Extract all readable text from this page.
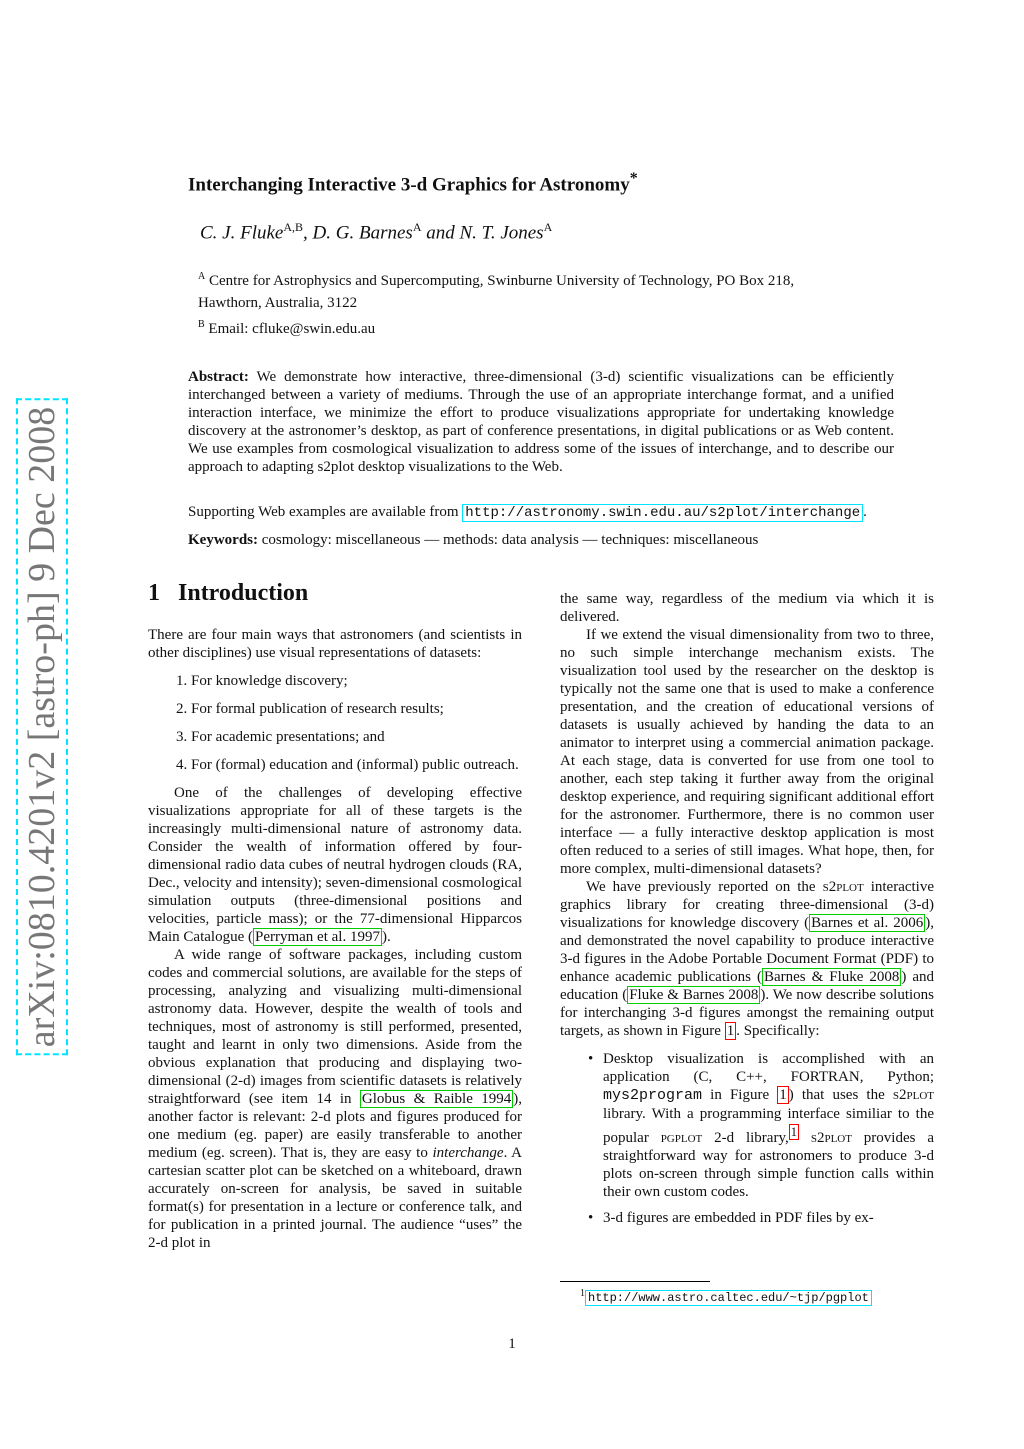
arXiv:0810.4201v2 [astro-ph] 9 Dec 2008
Interchanging Interactive 3-d Graphics for Astronomy*
C. J. Fluke$^{A,B}$, D. G. Barnes$^A$ and N. T. Jones$^A$
$^A$ Centre for Astrophysics and Supercomputing, Swinburne University of Technology, PO Box 218,
Hawthorn, Australia, 3122
$^B$ Email: cfluke@swin.edu.au
Abstract: We demonstrate how interactive, three-dimensional (3-d) scientific visualizations can be efficiently interchanged between a variety of mediums. Through the use of an appropriate interchange format, and a unified interaction interface, we minimize the effort to produce visualizations appropriate for undertaking knowledge discovery at the astronomer’s desktop, as part of conference presentations, in digital publications or as Web content. We use examples from cosmological visualization to address some of the issues of interchange, and to describe our approach to adapting s2plot desktop visualizations to the Web.
Supporting Web examples are available from http://astronomy.swin.edu.au/s2plot/interchange .
Keywords: cosmology: miscellaneous — methods: data analysis — techniques: miscellaneous
1 Introduction

There are four main ways that astronomers (and scientists in other disciplines) use visual representations of datasets:

1. For knowledge discovery;
2. For formal publication of research results;
3. For academic presentations; and
4. For (formal) education and (informal) public outreach.

One of the challenges of developing effective visualizations appropriate for all of these targets is the increasingly multi-dimensional nature of astronomy data. Consider the wealth of information offered by four-dimensional radio data cubes of neutral hydrogen clouds (RA, Dec., velocity and intensity); seven-dimensional cosmological simulation outputs (three-dimensional positions and velocities, particle mass); or the 77-dimensional Hipparcos Main Catalogue ( Perryman et al. 1997 ).

A wide range of software packages, including custom codes and commercial solutions, are available for the steps of processing, analyzing and visualizing multi-dimensional astronomy data. However, despite the wealth of tools and techniques, most of astronomy is still performed, presented, taught and learnt in only two dimensions. Aside from the obvious explanation that producing and displaying two-dimensional (2-d) images from scientific datasets is relatively straightforward (see item 14 in Globus & Raible 1994 ), another factor is relevant: 2-d plots and figures produced for one medium (eg. paper) are easily transferable to another medium (eg. screen). That is, they are easy to interchange. A cartesian scatter plot can be sketched on a whiteboard, drawn accurately on-screen for analysis, be saved in suitable format(s) for presentation in a lecture or conference talk, and for publication in a printed journal. The audience “uses” the 2-d plot in

the same way, regardless of the medium via which it is delivered.

If we extend the visual dimensionality from two to three, no such simple interchange mechanism exists. The visualization tool used by the researcher on the desktop is typically not the same one that is used to make a conference presentation, and the creation of educational versions of datasets is usually achieved by handing the data to an animator to interpret using a commercial animation package. At each stage, data is converted for use from one tool to another, each step taking it further away from the original desktop experience, and requiring significant additional effort for the astronomer. Furthermore, there is no common user interface — a fully interactive desktop application is most often reduced to a series of still images. What hope, then, for more complex, multi-dimensional datasets?

We have previously reported on the s2plot interactive graphics library for creating three-dimensional (3-d) visualizations for knowledge discovery ( Barnes et al. 2006 ), and demonstrated the novel capability to produce interactive 3-d figures in the Adobe Portable Document Format (PDF) to enhance academic publications ( Barnes & Fluke 2008 ) and education ( Fluke & Barnes 2008 ). We now describe solutions for interchanging 3-d figures amongst the remaining output targets, as shown in Figure 1 . Specifically:

• Desktop visualization is accomplished with an application (C, C++, FORTRAN, Python; mys2program in Figure 1 ) that uses the s2plot library. With a programming interface similiar to the popular pgplot 2-d library, $^1$ s2plot provides a straightforward way for astronomers to produce 3-d plots on-screen through simple function calls within their own custom codes.
• 3-d figures are embedded in PDF files by ex-
$^1$ http://www.astro.caltec.edu/~tjp/pgplot
1
